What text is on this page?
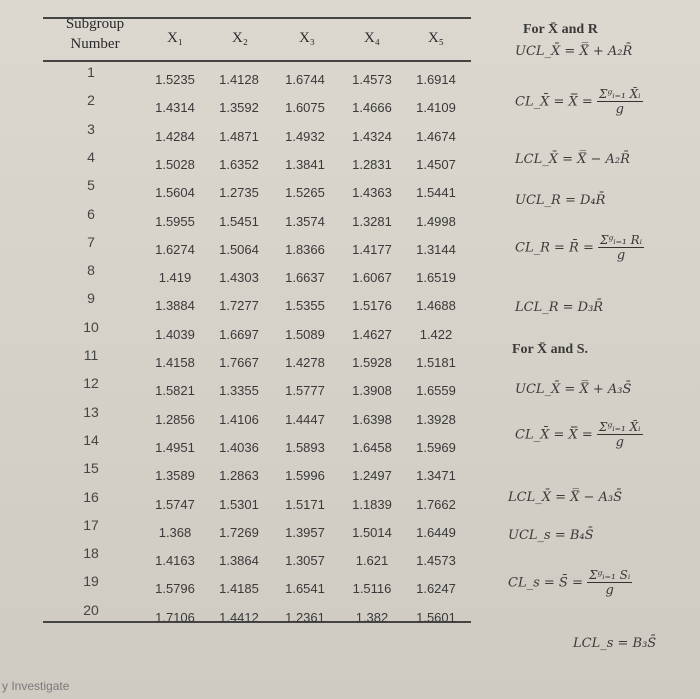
Subgroup Number	X₁	X₂	X₃	X₄	X₅
1	1.5235	1.4128	1.6744	1.4573	1.6914
2	1.4314	1.3592	1.6075	1.4666	1.4109
3	1.4284	1.4871	1.4932	1.4324	1.4674
4	1.5028	1.6352	1.3841	1.2831	1.4507
5	1.5604	1.2735	1.5265	1.4363	1.5441
6	1.5955	1.5451	1.3574	1.3281	1.4998
7	1.6274	1.5064	1.8366	1.4177	1.3144
8	1.419	1.4303	1.6637	1.6067	1.6519
9	1.3884	1.7277	1.5355	1.5176	1.4688
10	1.4039	1.6697	1.5089	1.4627	1.422
11	1.4158	1.7667	1.4278	1.5928	1.5181
12	1.5821	1.3355	1.5777	1.3908	1.6559
13	1.2856	1.4106	1.4447	1.6398	1.3928
14	1.4951	1.4036	1.5893	1.6458	1.5969
15	1.3589	1.2863	1.5996	1.2497	1.3471
16	1.5747	1.5301	1.5171	1.1839	1.7662
17	1.368	1.7269	1.3957	1.5014	1.6449
18	1.4163	1.3864	1.3057	1.621	1.4573
19	1.5796	1.4185	1.6541	1.5116	1.6247
20	1.7106	1.4412	1.2361	1.382	1.5601
For X̄ and R
UCL_X̄ = X̿ + A₂R̄
CL_X̄ = X̿ = $\frac{\text{Σᵍᵢ₌₁ X̄ᵢ}}{g}$
LCL_X̄ = X̿ − A₂R̄
UCL_R = D₄R̄
CL_R = R̄ = $\frac{\text{Σᵍᵢ₌₁ Rᵢ}}{g}$
LCL_R = D₃R̄
For X̄ and S.
UCL_X̄ = X̿ + A₃S̄
CL_X̄ = X̿ = $\frac{\text{Σᵍᵢ₌₁ X̄ᵢ}}{g}$
LCL_X̄ = X̿ − A₃S̄
UCL_s = B₄S̄
CL_s = S̄ = $\frac{\text{Σᵍᵢ₌₁ Sᵢ}}{g}$
LCL_s = B₃S̄
y Investigate
